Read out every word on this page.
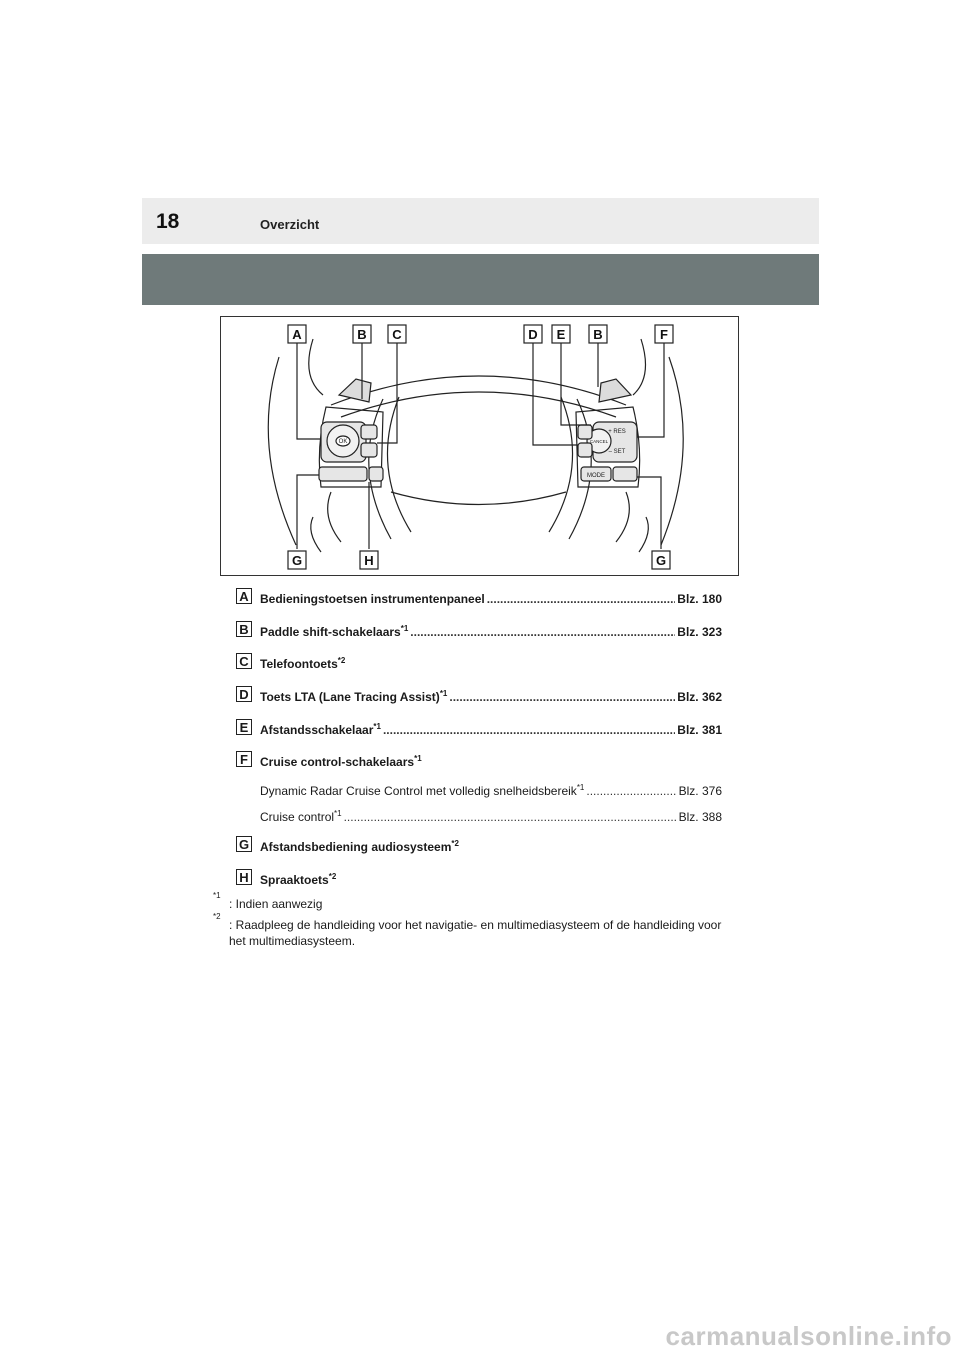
18	Overzicht
OK
+ RES
– SET
MODE
CANCEL
A	B C	D E B	F
G	H	G
A Bedieningstoetsen instrumentenpaneel .....	Blz. 180
B Paddle shift-schakelaars$^{*1}$ .....	Blz. 323
C Telefoontoets$^{*2}$
D Toets LTA (Lane Tracing Assist)$^{*1}$ .....	Blz. 362
E Afstandsschakelaar$^{*1}$ .....	Blz. 381
F	Cruise control-schakelaars$^{*1}$
Dynamic Radar Cruise Control met volledig snelheidsbereik$^{*1}$ .....	Blz. 376
Cruise control$^{*1}$ .....	Blz. 388
G Afstandsbediening audiosysteem$^{*2}$
H Spraaktoets$^{*2}$
*1
: Indien aanwezig
*2
: Raadpleeg de handleiding voor het navigatie- en multimediasysteem of de handleiding voor het multimediasysteem.
carmanualsonline.info
